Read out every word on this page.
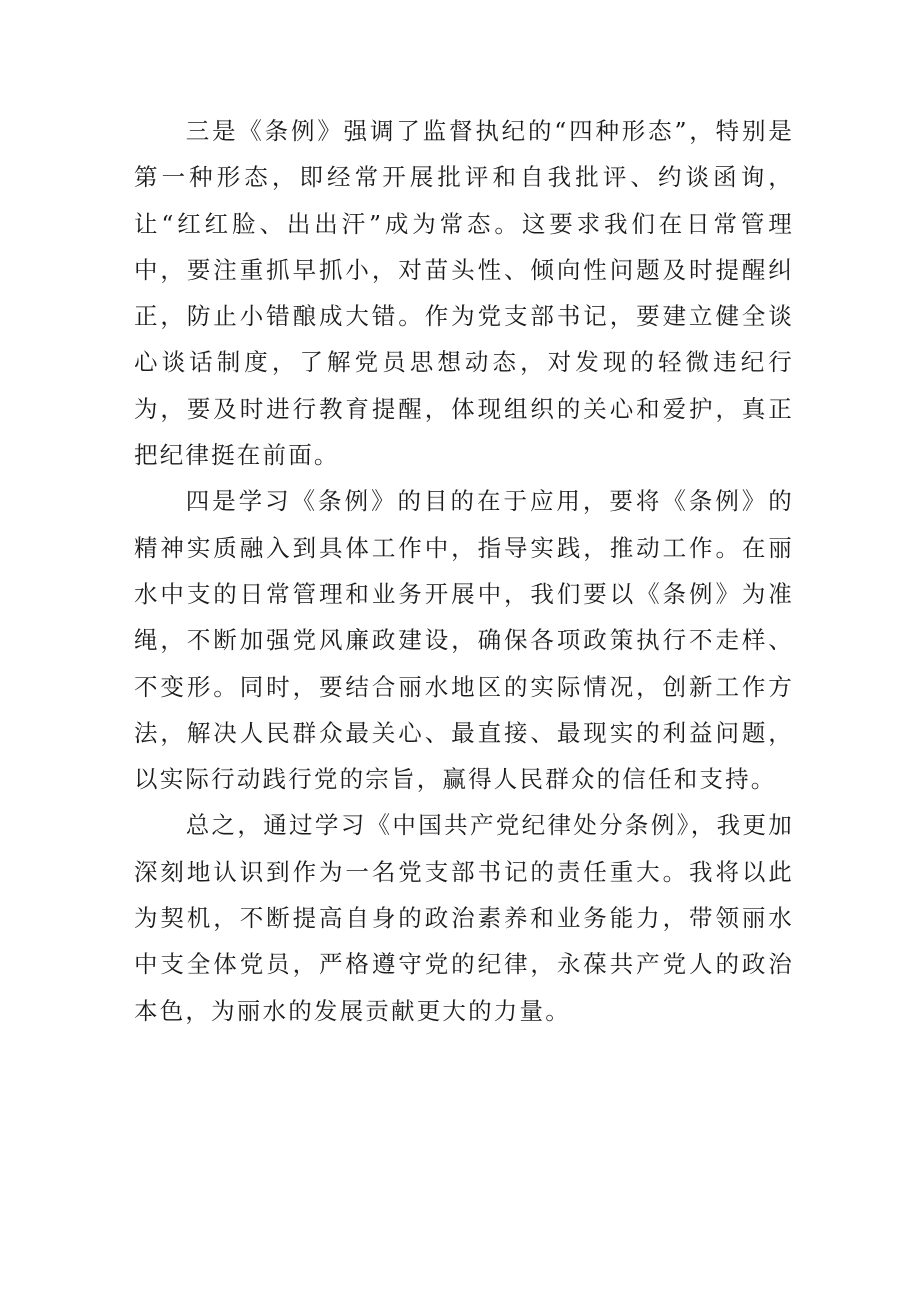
三是《条例》强调了监督执纪的“四种形态”，特别是第一种形态，即经常开展批评和自我批评、约谈函询，让“红红脸、出出汗”成为常态。这要求我们在日常管理中，要注重抓早抓小，对苗头性、倾向性问题及时提醒纠正，防止小错酿成大错。作为党支部书记，要建立健全谈心谈话制度，了解党员思想动态，对发现的轻微违纪行为，要及时进行教育提醒，体现组织的关心和爱护，真正把纪律挺在前面。

四是学习《条例》的目的在于应用，要将《条例》的精神实质融入到具体工作中，指导实践，推动工作。在丽水中支的日常管理和业务开展中，我们要以《条例》为准绳，不断加强党风廉政建设，确保各项政策执行不走样、不变形。同时，要结合丽水地区的实际情况，创新工作方法，解决人民群众最关心、最直接、最现实的利益问题，以实际行动践行党的宗旨，赢得人民群众的信任和支持。

总之，通过学习《中国共产党纪律处分条例》，我更加深刻地认识到作为一名党支部书记的责任重大。我将以此为契机，不断提高自身的政治素养和业务能力，带领丽水中支全体党员，严格遵守党的纪律，永葆共产党人的政治本色，为丽水的发展贡献更大的力量。
